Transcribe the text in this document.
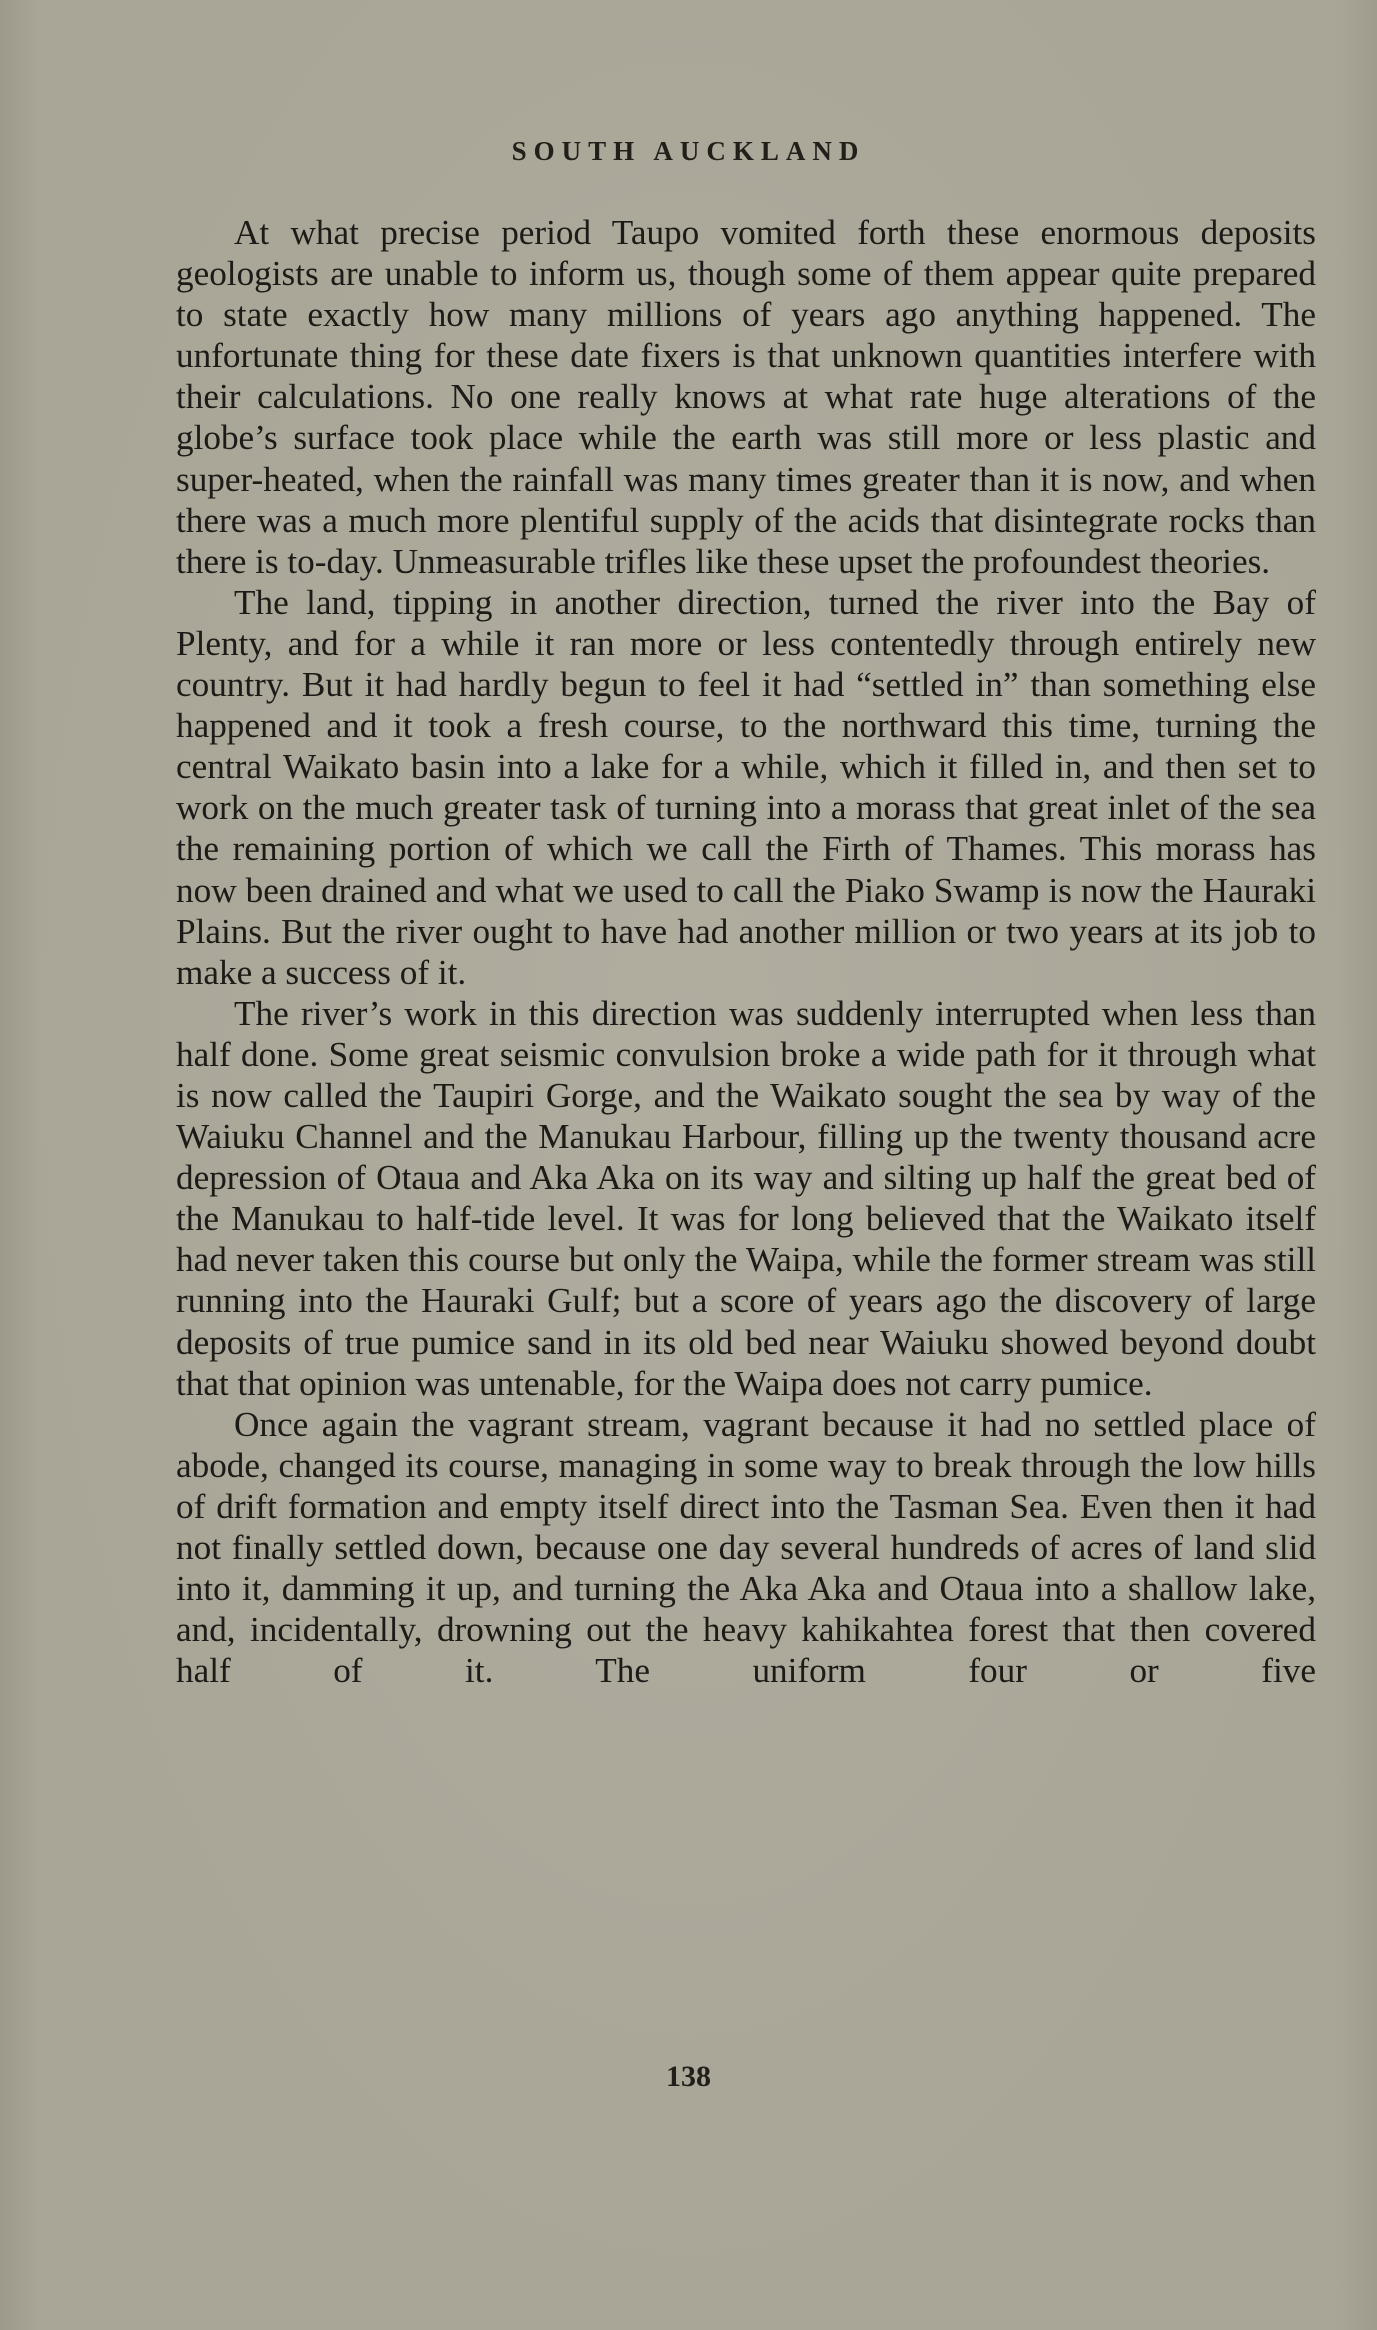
SOUTH AUCKLAND

At what precise period Taupo vomited forth these enormous deposits geologists are unable to inform us, though some of them appear quite prepared to state exactly how many millions of years ago anything happened. The unfortunate thing for these date fixers is that unknown quantities interfere with their calculations. No one really knows at what rate huge alterations of the globe’s surface took place while the earth was still more or less plastic and super-heated, when the rainfall was many times greater than it is now, and when there was a much more plentiful supply of the acids that disintegrate rocks than there is to-day. Unmeasurable trifles like these upset the profoundest theories.

The land, tipping in another direction, turned the river into the Bay of Plenty, and for a while it ran more or less contentedly through entirely new country. But it had hardly begun to feel it had “settled in” than something else happened and it took a fresh course, to the northward this time, turning the central Waikato basin into a lake for a while, which it filled in, and then set to work on the much greater task of turning into a morass that great inlet of the sea the remaining portion of which we call the Firth of Thames. This morass has now been drained and what we used to call the Piako Swamp is now the Hauraki Plains. But the river ought to have had another million or two years at its job to make a success of it.

The river’s work in this direction was suddenly interrupted when less than half done. Some great seismic convulsion broke a wide path for it through what is now called the Taupiri Gorge, and the Waikato sought the sea by way of the Waiuku Channel and the Manukau Harbour, filling up the twenty thousand acre depression of Otaua and Aka Aka on its way and silting up half the great bed of the Manukau to half-tide level. It was for long believed that the Waikato itself had never taken this course but only the Waipa, while the former stream was still running into the Hauraki Gulf; but a score of years ago the discovery of large deposits of true pumice sand in its old bed near Waiuku showed beyond doubt that that opinion was untenable, for the Waipa does not carry pumice.

Once again the vagrant stream, vagrant because it had no settled place of abode, changed its course, managing in some way to break through the low hills of drift formation and empty itself direct into the Tasman Sea. Even then it had not finally settled down, because one day several hundreds of acres of land slid into it, damming it up, and turning the Aka Aka and Otaua into a shallow lake, and, incidentally, drowning out the heavy kahikahtea forest that then covered half of it. The uniform four or five

138
